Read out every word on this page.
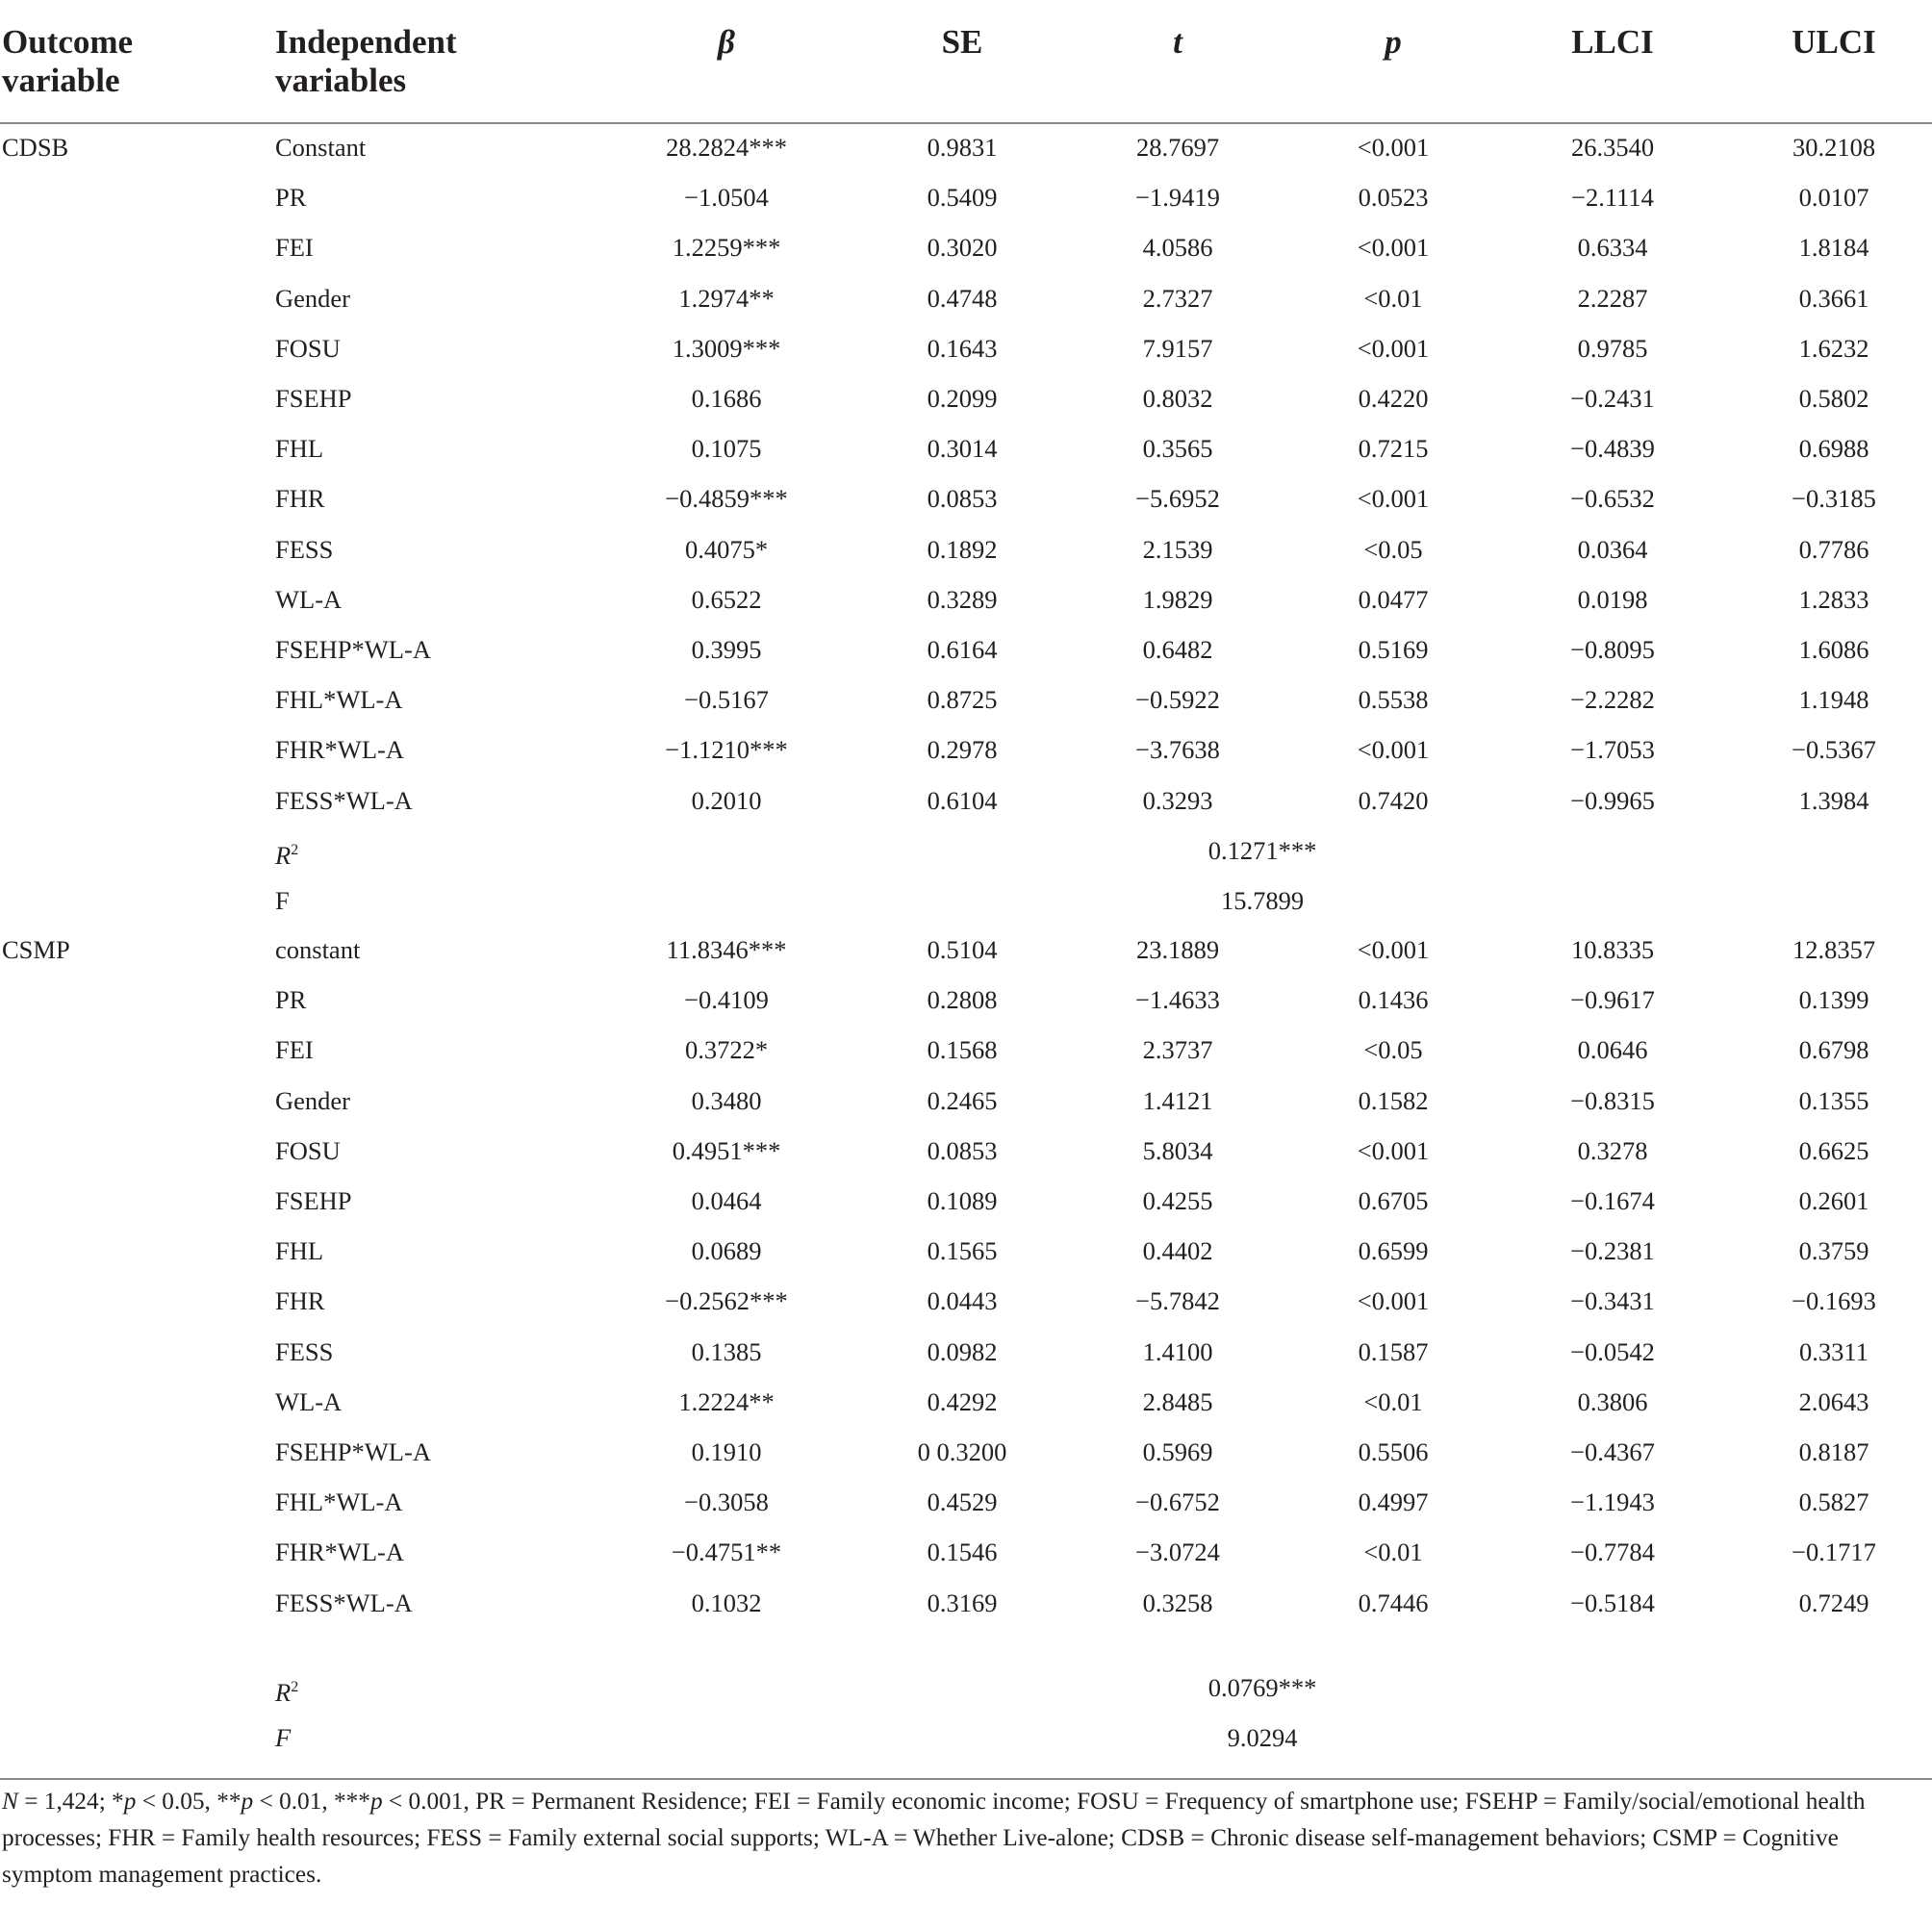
Outcome variable
Independent variables
β	SE	t	p	LLCI	ULCI
CDSB	Constant	28.2824***	0.9831	28.7697	<0.001	26.3540	30.2108
PR	−1.0504	0.5409	−1.9419	0.0523	−2.1114	0.0107
FEI	1.2259***	0.3020	4.0586	<0.001	0.6334	1.8184
Gender	1.2974**	0.4748	2.7327	<0.01	2.2287	0.3661
FOSU	1.3009***	0.1643	7.9157	<0.001	0.9785	1.6232
FSEHP	0.1686	0.2099	0.8032	0.4220	−0.2431	0.5802
FHL	0.1075	0.3014	0.3565	0.7215	−0.4839	0.6988
FHR	−0.4859***	0.0853	−5.6952	<0.001	−0.6532	−0.3185
FESS	0.4075*	0.1892	2.1539	<0.05	0.0364	0.7786
WL-A	0.6522	0.3289	1.9829	0.0477	0.0198	1.2833
FSEHP*WL-A	0.3995	0.6164	0.6482	0.5169	−0.8095	1.6086
FHL*WL-A	−0.5167	0.8725	−0.5922	0.5538	−2.2282	1.1948
FHR*WL-A	−1.1210***	0.2978	−3.7638	<0.001	−1.7053	−0.5367
FESS*WL-A	0.2010	0.6104	0.3293	0.7420	−0.9965	1.3984
$R^2$	0.1271***
F	15.7899
CSMP	constant	11.8346***	0.5104	23.1889	<0.001	10.8335	12.8357
PR	−0.4109	0.2808	−1.4633	0.1436	−0.9617	0.1399
FEI	0.3722*	0.1568	2.3737	<0.05	0.0646	0.6798
Gender	0.3480	0.2465	1.4121	0.1582	−0.8315	0.1355
FOSU	0.4951***	0.0853	5.8034	<0.001	0.3278	0.6625
FSEHP	0.0464	0.1089	0.4255	0.6705	−0.1674	0.2601
FHL	0.0689	0.1565	0.4402	0.6599	−0.2381	0.3759
FHR	−0.2562***	0.0443	−5.7842	<0.001	−0.3431	−0.1693
FESS	0.1385	0.0982	1.4100	0.1587	−0.0542	0.3311
WL-A	1.2224**	0.4292	2.8485	<0.01	0.3806	2.0643
FSEHP*WL-A	0.1910	0 0.3200	0.5969	0.5506	−0.4367	0.8187
FHL*WL-A	−0.3058	0.4529	−0.6752	0.4997	−1.1943	0.5827
FHR*WL-A	−0.4751**	0.1546	−3.0724	<0.01	−0.7784	−0.1717
FESS*WL-A	0.1032	0.3169	0.3258	0.7446	−0.5184	0.7249
$R^2$	0.0769***
F	9.0294
N = 1,424; *p < 0.05, **p < 0.01, ***p < 0.001, PR = Permanent Residence; FEI = Family economic income; FOSU = Frequency of smartphone use; FSEHP = Family/social/emotional health processes; FHR = Family health resources; FESS = Family external social supports; WL-A = Whether Live-alone; CDSB = Chronic disease self-management behaviors; CSMP = Cognitive symptom management practices.
